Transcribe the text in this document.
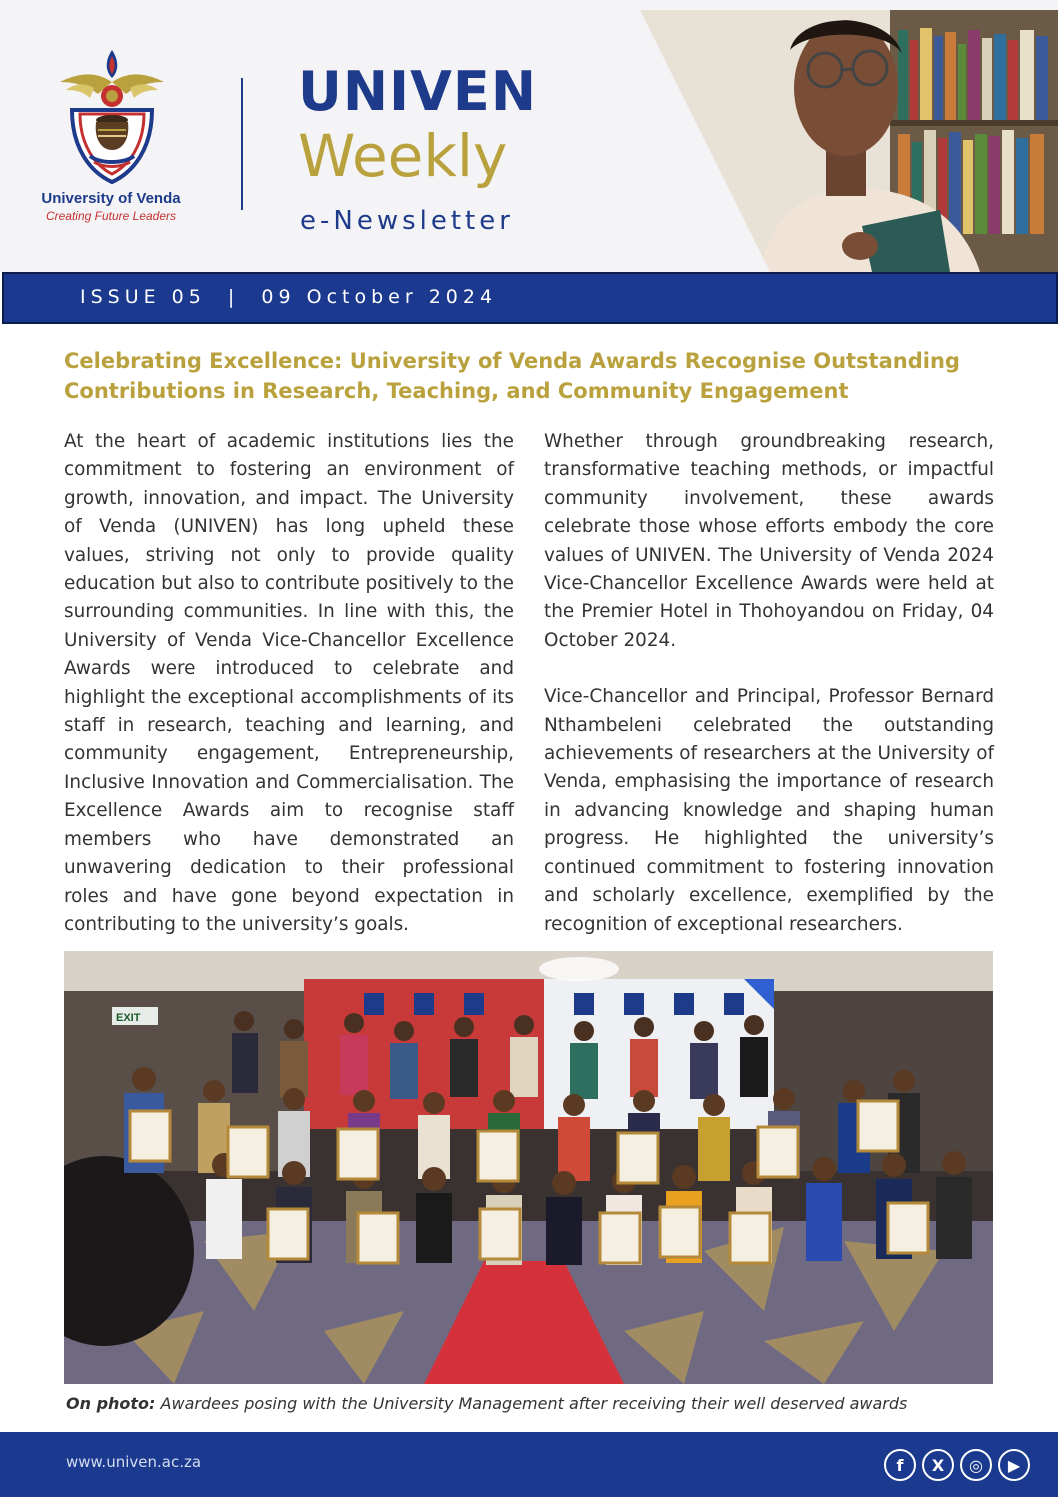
University of Venda
Creating Future Leaders
UNIVEN
Weekly
e-Newsletter
ISSUE 05  |  09 October 2024
Celebrating Excellence: University of Venda Awards Recognise Outstanding Contributions in Research, Teaching, and Community Engagement

At the heart of academic institutions lies the commitment to fostering an environment of growth, innovation, and impact. The University of Venda (UNIVEN) has long upheld these values, striving not only to provide quality education but also to contribute positively to the surrounding communities. In line with this, the University of Venda Vice-Chancellor Excellence Awards were introduced to celebrate and highlight the exceptional accomplishments of its staff in research, teaching and learning, and community engagement, Entrepreneurship, Inclusive Innovation and Commercialisation. The Excellence Awards aim to recognise staff members who have demonstrated an unwavering dedication to their professional roles and have gone beyond expectation in contributing to the university’s goals.

Whether through groundbreaking research, transformative teaching methods, or impactful community involvement, these awards celebrate those whose efforts embody the core values of UNIVEN. The University of Venda 2024 Vice-Chancellor Excellence Awards were held at the Premier Hotel in Thohoyandou on Friday, 04 October 2024.

Vice-Chancellor and Principal, Professor Bernard Nthambeleni celebrated the outstanding achievements of researchers at the University of Venda, emphasising the importance of research in advancing knowledge and shaping human progress. He highlighted the university’s continued commitment to fostering innovation and scholarly excellence, exemplified by the recognition of exceptional researchers.

EXIT
On photo: Awardees posing with the University Management after receiving their well deserved awards
www.univen.ac.za	f	X	◎	▶
